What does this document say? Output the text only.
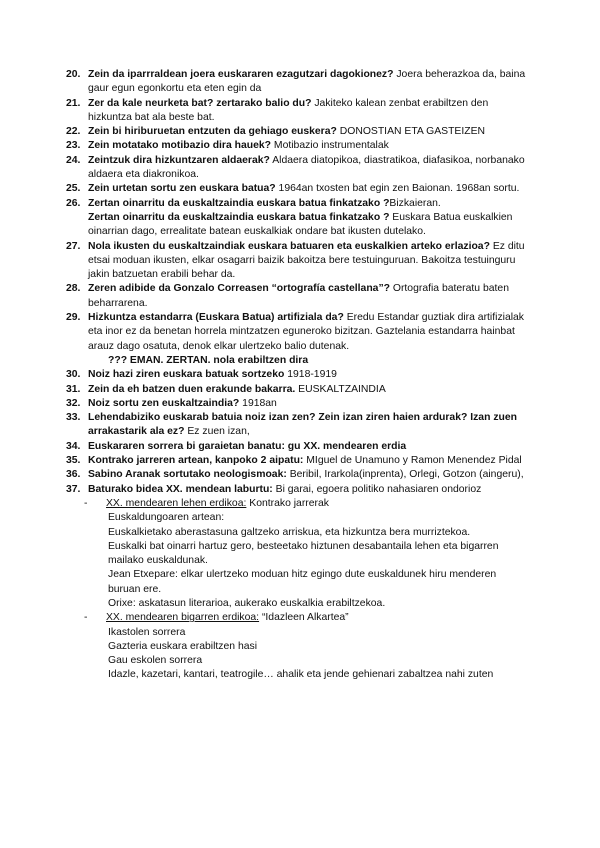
20. Zein da iparrraldean joera euskararen ezagutzari dagokionez? Joera beherazkoa da, baina gaur egun egonkortu eta eten egin da
21. Zer da kale neurketa bat? zertarako balio du? Jakiteko kalean zenbat erabiltzen den hizkuntza bat ala beste bat.
22. Zein bi hiriburuetan entzuten da gehiago euskera? DONOSTIAN ETA GASTEIZEN
23. Zein motatako motibazio dira hauek? Motibazio instrumentalak
24. Zeintzuk dira hizkuntzaren aldaerak? Aldaera diatopikoa, diastratikoa, diafasikoa, norbanako aldaera eta diakronikoa.
25. Zein urtetan sortu zen euskara batua? 1964an txosten bat egin zen Baionan. 1968an sortu.
26. Zertan oinarritu da euskaltzaindia euskara batua finkatzako ?Bizkaieran.
Zertan oinarritu da euskaltzaindia euskara batua finkatzako ? Euskara Batua euskalkien oinarrian dago, errealitate batean euskalkiak ondare bat ikusten dutelako.
27. Nola ikusten du euskaltzaindiak euskara batuaren eta euskalkien arteko erlazioa? Ez ditu etsai moduan ikusten, elkar osagarri baizik bakoitza bere testuinguruan. Bakoitza testuinguru jakin batzuetan erabili behar da.
28. Zeren adibide da Gonzalo Correasen “ortografía castellana”? Ortografia bateratu baten beharrarena.
29. Hizkuntza estandarra (Euskara Batua) artifiziala da? Eredu Estandar guztiak dira artifizialak eta inor ez da benetan horrela mintzatzen eguneroko bizitzan. Gaztelania estandarra hainbat arauz dago osatuta, denok elkar ulertzeko balio dutenak.
??? EMAN. ZERTAN. nola erabiltzen dira
30. Noiz hazi ziren euskara batuak sortzeko 1918-1919
31. Zein da eh batzen duen erakunde bakarra. EUSKALTZAINDIA
32. Noiz sortu zen euskaltzaindia? 1918an
33. Lehendabiziko euskarab batuia noiz izan zen? Zein izan ziren haien ardurak? Izan zuen arrakastarik ala ez? Ez zuen izan,
34. Euskararen sorrera bi garaietan banatu: gu XX. mendearen erdia
35. Kontrako jarreren artean, kanpoko 2 aipatu: MIguel de Unamuno y Ramon Menendez Pidal
36. Sabino Aranak sortutako neologismoak: Beribil, Irarkola(inprenta), Orlegi, Gotzon (aingeru),
37. Baturako bidea XX. mendean laburtu: Bi garai, egoera politiko nahasiaren ondorioz
- XX. mendearen lehen erdikoa: Kontrako jarrerak
Euskaldungoaren artean:
Euskalkietako aberastasuna galtzeko arriskua, eta hizkuntza bera murriztekoa.
Euskalki bat oinarri hartuz gero, besteetako hiztunen desabantaila lehen eta bigarren mailako euskaldunak.
Jean Etxepare: elkar ulertzeko moduan hitz egingo dute euskaldunek hiru menderen buruan ere.
Orixe: askatasun literarioa, aukerako euskalkia erabiltzekoa.
- XX. mendearen bigarren erdikoa: “Idazleen Alkartea”
Ikastolen sorrera
Gazteria euskara erabiltzen hasi
Gau eskolen sorrera
Idazle, kazetari, kantari, teatrogile… ahalik eta jende gehienari zabaltzea nahi zuten
